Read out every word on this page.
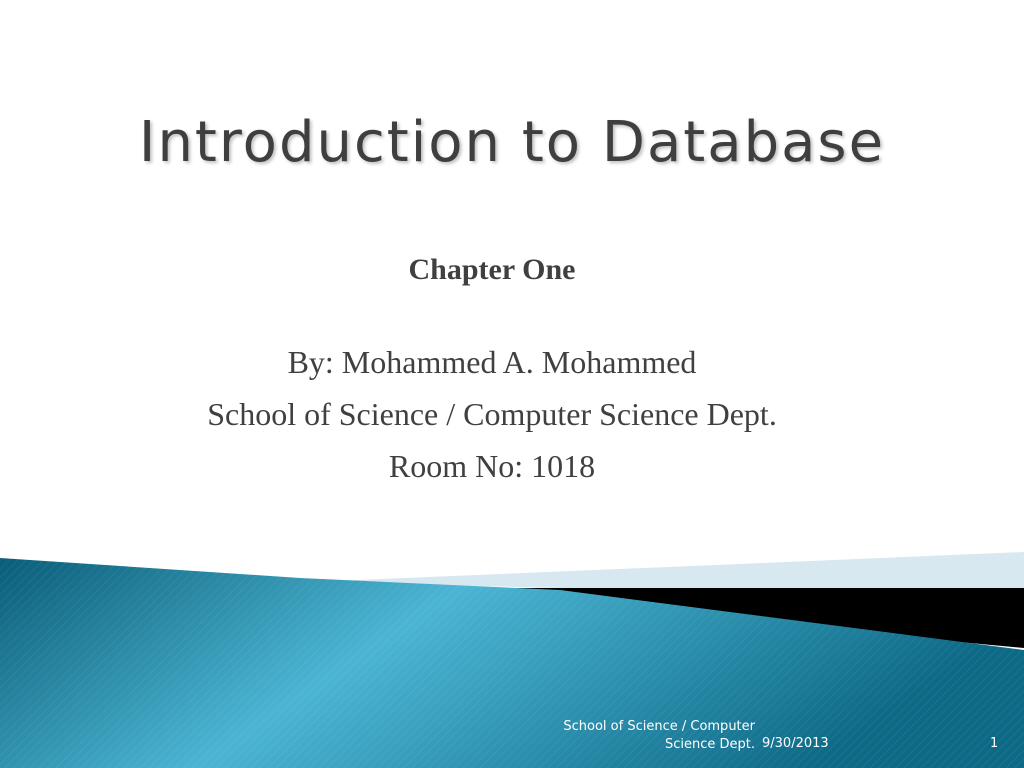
Introduction to Database
Chapter One
By: Mohammed A. Mohammed
School of Science / Computer Science Dept.
Room No: 1018
School of Science / Computer
Science Dept. 9/30/2013	1
